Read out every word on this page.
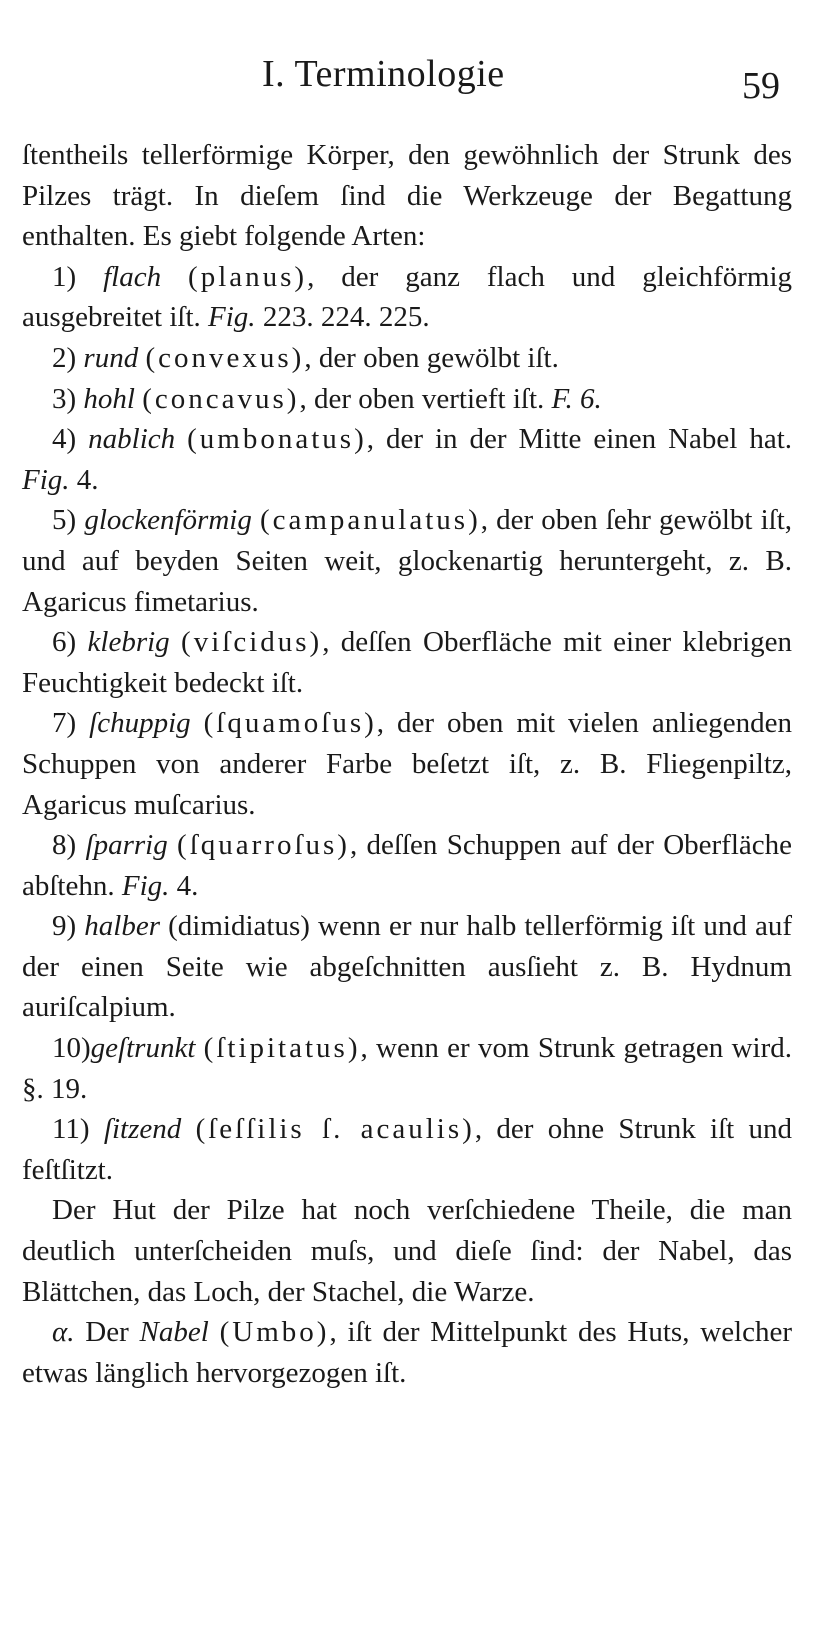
I. Terminologie	59

ſtentheils tellerförmige Körper, den gewöhnlich der Strunk des Pilzes trägt. In dieſem ſind die Werkzeuge der Begattung enthalten. Es giebt folgende Arten:

1) flach (planus), der ganz flach und gleichförmig ausgebreitet iſt. Fig. 223. 224. 225.

2) rund (convexus), der oben gewölbt iſt.

3) hohl (concavus), der oben vertieft iſt. F. 6.

4) nablich (umbonatus), der in der Mitte einen Nabel hat. Fig. 4.

5) glockenförmig (campanulatus), der oben ſehr gewölbt iſt, und auf beyden Seiten weit, glockenartig heruntergeht, z. B. Agaricus fimetarius.

6) klebrig (viſcidus), deſſen Oberfläche mit einer klebrigen Feuchtigkeit bedeckt iſt.

7) ſchuppig (ſquamoſus), der oben mit vielen anliegenden Schuppen von anderer Farbe beſetzt iſt, z. B. Fliegenpiltz, Agaricus muſcarius.

8) ſparrig (ſquarroſus), deſſen Schuppen auf der Oberfläche abſtehn. Fig. 4.

9) halber (dimidiatus) wenn er nur halb tellerförmig iſt und auf der einen Seite wie abgeſchnitten ausſieht z. B. Hydnum auriſcalpium.

10)geſtrunkt (ſtipitatus), wenn er vom Strunk getragen wird. §. 19.

11) ſitzend (ſeſſilis ſ. acaulis), der ohne Strunk iſt und feſtſitzt.

Der Hut der Pilze hat noch verſchiedene Theile, die man deutlich unterſcheiden muſs, und dieſe ſind: der Nabel, das Blättchen, das Loch, der Stachel, die Warze.

α. Der Nabel (Umbo), iſt der Mittelpunkt des Huts, welcher etwas länglich hervorgezogen iſt.
